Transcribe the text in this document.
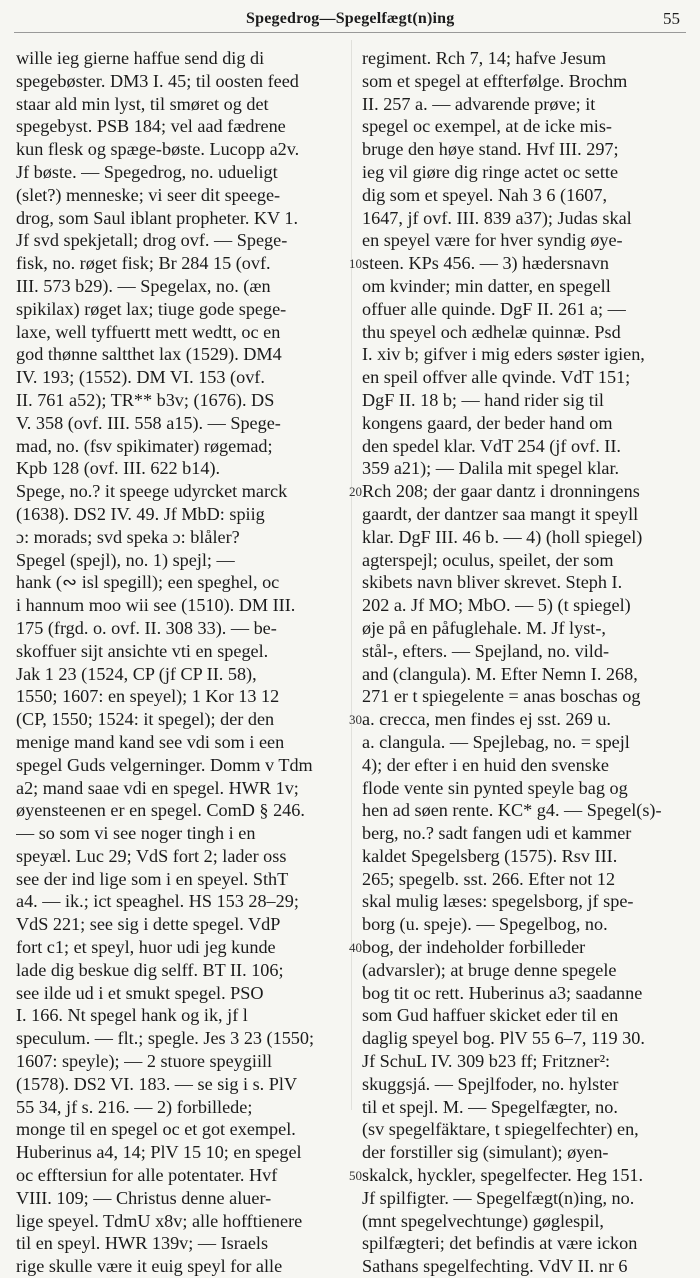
Spegedrog—Spegelfægt(n)ing	55
wille ieg gierne haffue send dig di
spegebøster. DM3 I. 45; til oosten feed
staar ald min lyst, til smøret og det
spegebyst. PSB 184; vel aad fædrene
kun flesk og spæge-bøste. Lucopp a2v.
Jf bøste. — Spegedrog, no. udueligt
(slet?) menneske; vi seer dit speege-
drog, som Saul iblant propheter. KV 1.
Jf svd spekjetall; drog ovf. — Spege-
fisk, no. røget fisk; Br 284 15 (ovf.
III. 573 b29). — Spegelax, no. (æn
spikilax) røget lax; tiuge gode spege-
laxe, well tyffuertt mett wedtt, oc en
god thønne saltthet lax (1529). DM4
IV. 193; (1552). DM VI. 153 (ovf.
II. 761 a52); TR** b3v; (1676). DS
V. 358 (ovf. III. 558 a15). — Spege-
mad, no. (fsv spikimater) røgemad;
Kpb 128 (ovf. III. 622 b14).
Spege, no.? it speege udyrcket marck
(1638). DS2 IV. 49. Jf MbD: spiig
ɔ: morads; svd speka ɔ: blåler?
Spegel (spejl), no. 1) spejl; —
hank (∾ isl spegill); een speghel, oc
i hannum moo wii see (1510). DM III.
175 (frgd. o. ovf. II. 308 33). — be-
skoffuer sijt ansichte vti en spegel.
Jak 1 23 (1524, CP (jf CP II. 58),
1550; 1607: en speyel); 1 Kor 13 12
(CP, 1550; 1524: it spegel); der den
menige mand kand see vdi som i een
spegel Guds velgerninger. Domm v Tdm
a2; mand saae vdi en spegel. HWR 1v;
øyensteenen er en spegel. ComD § 246.
— so som vi see noger tingh i en
speyæl. Luc 29; VdS fort 2; lader oss
see der ind lige som i en speyel. SthT
a4. — ik.; ict speaghel. HS 153 28–29;
VdS 221; see sig i dette spegel. VdP
fort c1; et speyl, huor udi jeg kunde
lade dig beskue dig selff. BT II. 106;
see ilde ud i et smukt spegel. PSO
I. 166. Nt spegel hank og ik, jf l
speculum. — flt.; spegle. Jes 3 23 (1550;
1607: speyle); — 2 stuore speygiill
(1578). DS2 VI. 183. — se sig i s. PlV
55 34, jf s. 216. — 2) forbillede;
monge til en spegel oc et got exempel.
Huberinus a4, 14; PlV 15 10; en spegel
oc efftersiun for alle potentater. Hvf
VIII. 109; — Christus denne aluer-
lige speyel. TdmU x8v; alle hofftienere
til en speyl. HWR 139v; — Israels
rige skulle være it euig speyl for alle
regiment. Rch 7, 14; hafve Jesum
som et spegel at effterfølge. Brochm
II. 257 a. — advarende prøve; it
spegel oc exempel, at de icke mis-
bruge den høye stand. Hvf III. 297;
ieg vil giøre dig ringe actet oc sette
dig som et speyel. Nah 3 6 (1607,
1647, jf ovf. III. 839 a37); Judas skal
en speyel være for hver syndig øye-
steen. KPs 456. — 3) hædersnavn
om kvinder; min datter, en spegell
offuer alle quinde. DgF II. 261 a; —
thu speyel och ædhelæ quinnæ. Psd
I. xiv b; gifver i mig eders søster igien,
en speil offver alle qvinde. VdT 151;
DgF II. 18 b; — hand rider sig til
kongens gaard, der beder hand om
den spedel klar. VdT 254 (jf ovf. II.
359 a21); — Dalila mit spegel klar.
Rch 208; der gaar dantz i dronningens
gaardt, der dantzer saa mangt it speyll
klar. DgF III. 46 b. — 4) (holl spiegel)
agterspejl; oculus, speilet, der som
skibets navn bliver skrevet. Steph I.
202 a. Jf MO; MbO. — 5) (t spiegel)
øje på en påfuglehale. M. Jf lyst-,
stål-, efters. — Spejland, no. vild-
and (clangula). M. Efter Nemn I. 268,
271 er t spiegelente = anas boschas og
a. crecca, men findes ej sst. 269 u.
a. clangula. — Spejlebag, no. = spejl
4); der efter i en huid den svenske
flode vente sin pynted speyle bag og
hen ad søen rente. KC* g4. — Spegel(s)-
berg, no.? sadt fangen udi et kammer
kaldet Spegelsberg (1575). Rsv III.
265; spegelb. sst. 266. Efter not 12
skal mulig læses: spegelsborg, jf spe-
borg (u. speje). — Spegelbog, no.
bog, der indeholder forbilleder
(advarsler); at bruge denne spegele
bog tit oc rett. Huberinus a3; saadanne
som Gud haffuer skicket eder til en
daglig speyel bog. PlV 55 6–7, 119 30.
Jf SchuL IV. 309 b23 ff; Fritzner²:
skuggsjá. — Spejlfoder, no. hylster
til et spejl. M. — Spegelfægter, no.
(sv spegelfäktare, t spiegelfechter) en,
der forstiller sig (simulant); øyen-
skalck, hyckler, spegelfecter. Heg 151.
Jf spilfigter. — Spegelfægt(n)ing, no.
(mnt spegelvechtunge) gøglespil,
spilfægteri; det befindis at være ickon
Sathans spegelfechting. VdV II. nr 6
10
20
30
40
50
